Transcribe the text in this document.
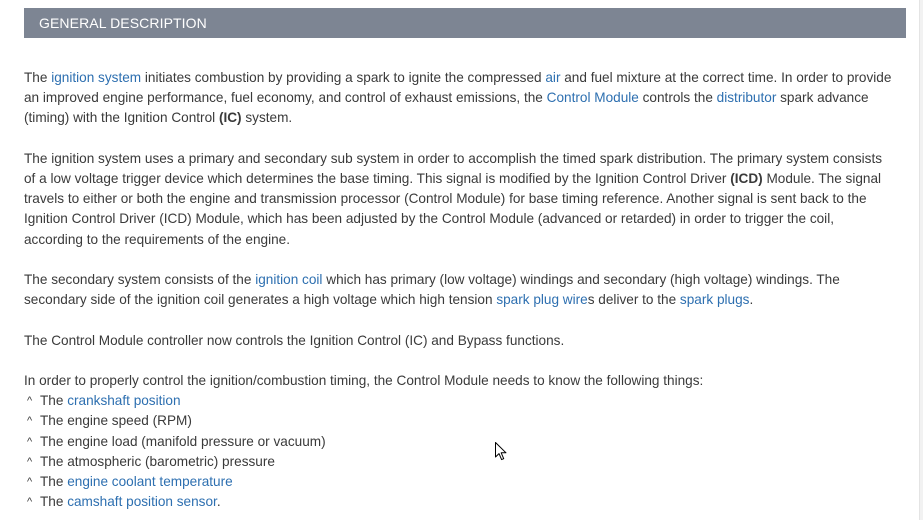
GENERAL DESCRIPTION

The ignition system initiates combustion by providing a spark to ignite the compressed air and fuel mixture at the correct time. In order to provide an improved engine performance, fuel economy, and control of exhaust emissions, the Control Module controls the distributor spark advance (timing) with the Ignition Control (IC) system.

The ignition system uses a primary and secondary sub system in order to accomplish the timed spark distribution. The primary system consists of a low voltage trigger device which determines the base timing. This signal is modified by the Ignition Control Driver (ICD) Module. The signal travels to either or both the engine and transmission processor (Control Module) for base timing reference. Another signal is sent back to the Ignition Control Driver (ICD) Module, which has been adjusted by the Control Module (advanced or retarded) in order to trigger the coil, according to the requirements of the engine.

The secondary system consists of the ignition coil which has primary (low voltage) windings and secondary (high voltage) windings. The secondary side of the ignition coil generates a high voltage which high tension spark plug wires deliver to the spark plugs.

The Control Module controller now controls the Ignition Control (IC) and Bypass functions.

In order to properly control the ignition/combustion timing, the Control Module needs to know the following things:

^ The crankshaft position
^ The engine speed (RPM)
^ The engine load (manifold pressure or vacuum)
^ The atmospheric (barometric) pressure
^ The engine coolant temperature
^ The camshaft position sensor.
